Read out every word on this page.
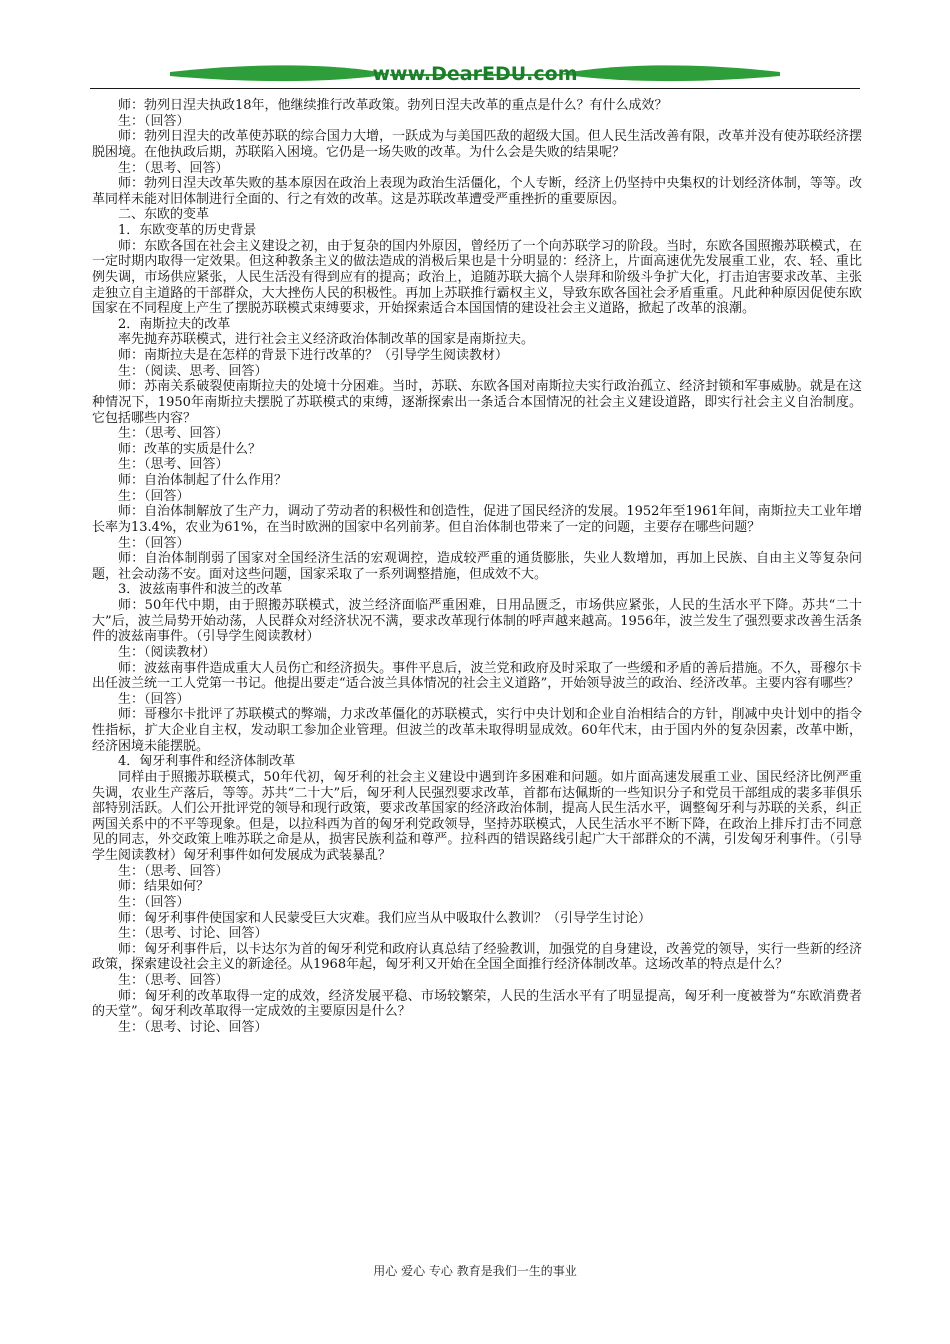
www.DearEDU.com

师：勃列日涅夫执政18年，他继续推行改革政策。勃列日涅夫改革的重点是什么？有什么成效？

生：（回答）

师：勃列日涅夫的改革使苏联的综合国力大增，一跃成为与美国匹敌的超级大国。但人民生活改善有限，改革并没有使苏联经济摆脱困境。在他执政后期，苏联陷入困境。它仍是一场失败的改革。为什么会是失败的结果呢？

生：（思考、回答）

师：勃列日涅夫改革失败的基本原因在政治上表现为政治生活僵化，个人专断，经济上仍坚持中央集权的计划经济体制，等等。改革同样未能对旧体制进行全面的、行之有效的改革。这是苏联改革遭受严重挫折的重要原因。

二、东欧的变革

1．东欧变革的历史背景

师：东欧各国在社会主义建设之初，由于复杂的国内外原因，曾经历了一个向苏联学习的阶段。当时，东欧各国照搬苏联模式，在一定时期内取得一定效果。但这种教条主义的做法造成的消极后果也是十分明显的：经济上，片面高速优先发展重工业，农、轻、重比例失调，市场供应紧张，人民生活没有得到应有的提高；政治上，追随苏联大搞个人崇拜和阶级斗争扩大化，打击迫害要求改革、主张走独立自主道路的干部群众，大大挫伤人民的积极性。再加上苏联推行霸权主义，导致东欧各国社会矛盾重重。凡此种种原因促使东欧国家在不同程度上产生了摆脱苏联模式束缚要求，开始探索适合本国国情的建设社会主义道路，掀起了改革的浪潮。

2．南斯拉夫的改革

率先抛弃苏联模式，进行社会主义经济政治体制改革的国家是南斯拉夫。

师：南斯拉夫是在怎样的背景下进行改革的？（引导学生阅读教材）

生：（阅读、思考、回答）

师：苏南关系破裂使南斯拉夫的处境十分困难。当时，苏联、东欧各国对南斯拉夫实行政治孤立、经济封锁和军事威胁。就是在这种情况下，1950年南斯拉夫摆脱了苏联模式的束缚，逐渐探索出一条适合本国情况的社会主义建设道路，即实行社会主义自治制度。它包括哪些内容？

生：（思考、回答）

师：改革的实质是什么？

生：（思考、回答）

师：自治体制起了什么作用？

生：（回答）

师：自治体制解放了生产力，调动了劳动者的积极性和创造性，促进了国民经济的发展。1952年至1961年间，南斯拉夫工业年增长率为13.4%，农业为61%，在当时欧洲的国家中名列前茅。但自治体制也带来了一定的问题，主要存在哪些问题？

生：（回答）

师：自治体制削弱了国家对全国经济生活的宏观调控，造成较严重的通货膨胀，失业人数增加，再加上民族、自由主义等复杂问题，社会动荡不安。面对这些问题，国家采取了一系列调整措施，但成效不大。

3．波兹南事件和波兰的改革

师：50年代中期，由于照搬苏联模式，波兰经济面临严重困难，日用品匮乏，市场供应紧张，人民的生活水平下降。苏共“二十大”后，波兰局势开始动荡，人民群众对经济状况不满，要求改革现行体制的呼声越来越高。1956年，波兰发生了强烈要求改善生活条件的波兹南事件。（引导学生阅读教材）

生：（阅读教材）

师：波兹南事件造成重大人员伤亡和经济损失。事件平息后，波兰党和政府及时采取了一些缓和矛盾的善后措施。不久，哥穆尔卡出任波兰统一工人党第一书记。他提出要走“适合波兰具体情况的社会主义道路”，开始领导波兰的政治、经济改革。主要内容有哪些？

生：（回答）

师：哥穆尔卡批评了苏联模式的弊端，力求改革僵化的苏联模式，实行中央计划和企业自治相结合的方针，削减中央计划中的指令性指标，扩大企业自主权，发动职工参加企业管理。但波兰的改革未取得明显成效。60年代末，由于国内外的复杂因素，改革中断，经济困境未能摆脱。

4．匈牙利事件和经济体制改革

同样由于照搬苏联模式，50年代初，匈牙利的社会主义建设中遇到许多困难和问题。如片面高速发展重工业、国民经济比例严重失调，农业生产落后，等等。苏共“二十大”后，匈牙利人民强烈要求改革，首都布达佩斯的一些知识分子和党员干部组成的裴多菲俱乐部特别活跃。人们公开批评党的领导和现行政策，要求改革国家的经济政治体制，提高人民生活水平，调整匈牙利与苏联的关系，纠正两国关系中的不平等现象。但是，以拉科西为首的匈牙利党政领导，坚持苏联模式，人民生活水平不断下降，在政治上排斥打击不同意见的同志，外交政策上唯苏联之命是从，损害民族利益和尊严。拉科西的错误路线引起广大干部群众的不满，引发匈牙利事件。（引导学生阅读教材）匈牙利事件如何发展成为武装暴乱？

生：（思考、回答）

师：结果如何？

生：（回答）

师：匈牙利事件使国家和人民蒙受巨大灾难。我们应当从中吸取什么教训？（引导学生讨论）

生：（思考、讨论、回答）

师：匈牙利事件后，以卡达尔为首的匈牙利党和政府认真总结了经验教训，加强党的自身建设，改善党的领导，实行一些新的经济政策，探索建设社会主义的新途径。从1968年起，匈牙利又开始在全国全面推行经济体制改革。这场改革的特点是什么？

生：（思考、回答）

师：匈牙利的改革取得一定的成效，经济发展平稳、市场较繁荣，人民的生活水平有了明显提高，匈牙利一度被誉为“东欧消费者的天堂”。匈牙利改革取得一定成效的主要原因是什么？

生：（思考、讨论、回答）

用心 爱心 专心 教育是我们一生的事业
